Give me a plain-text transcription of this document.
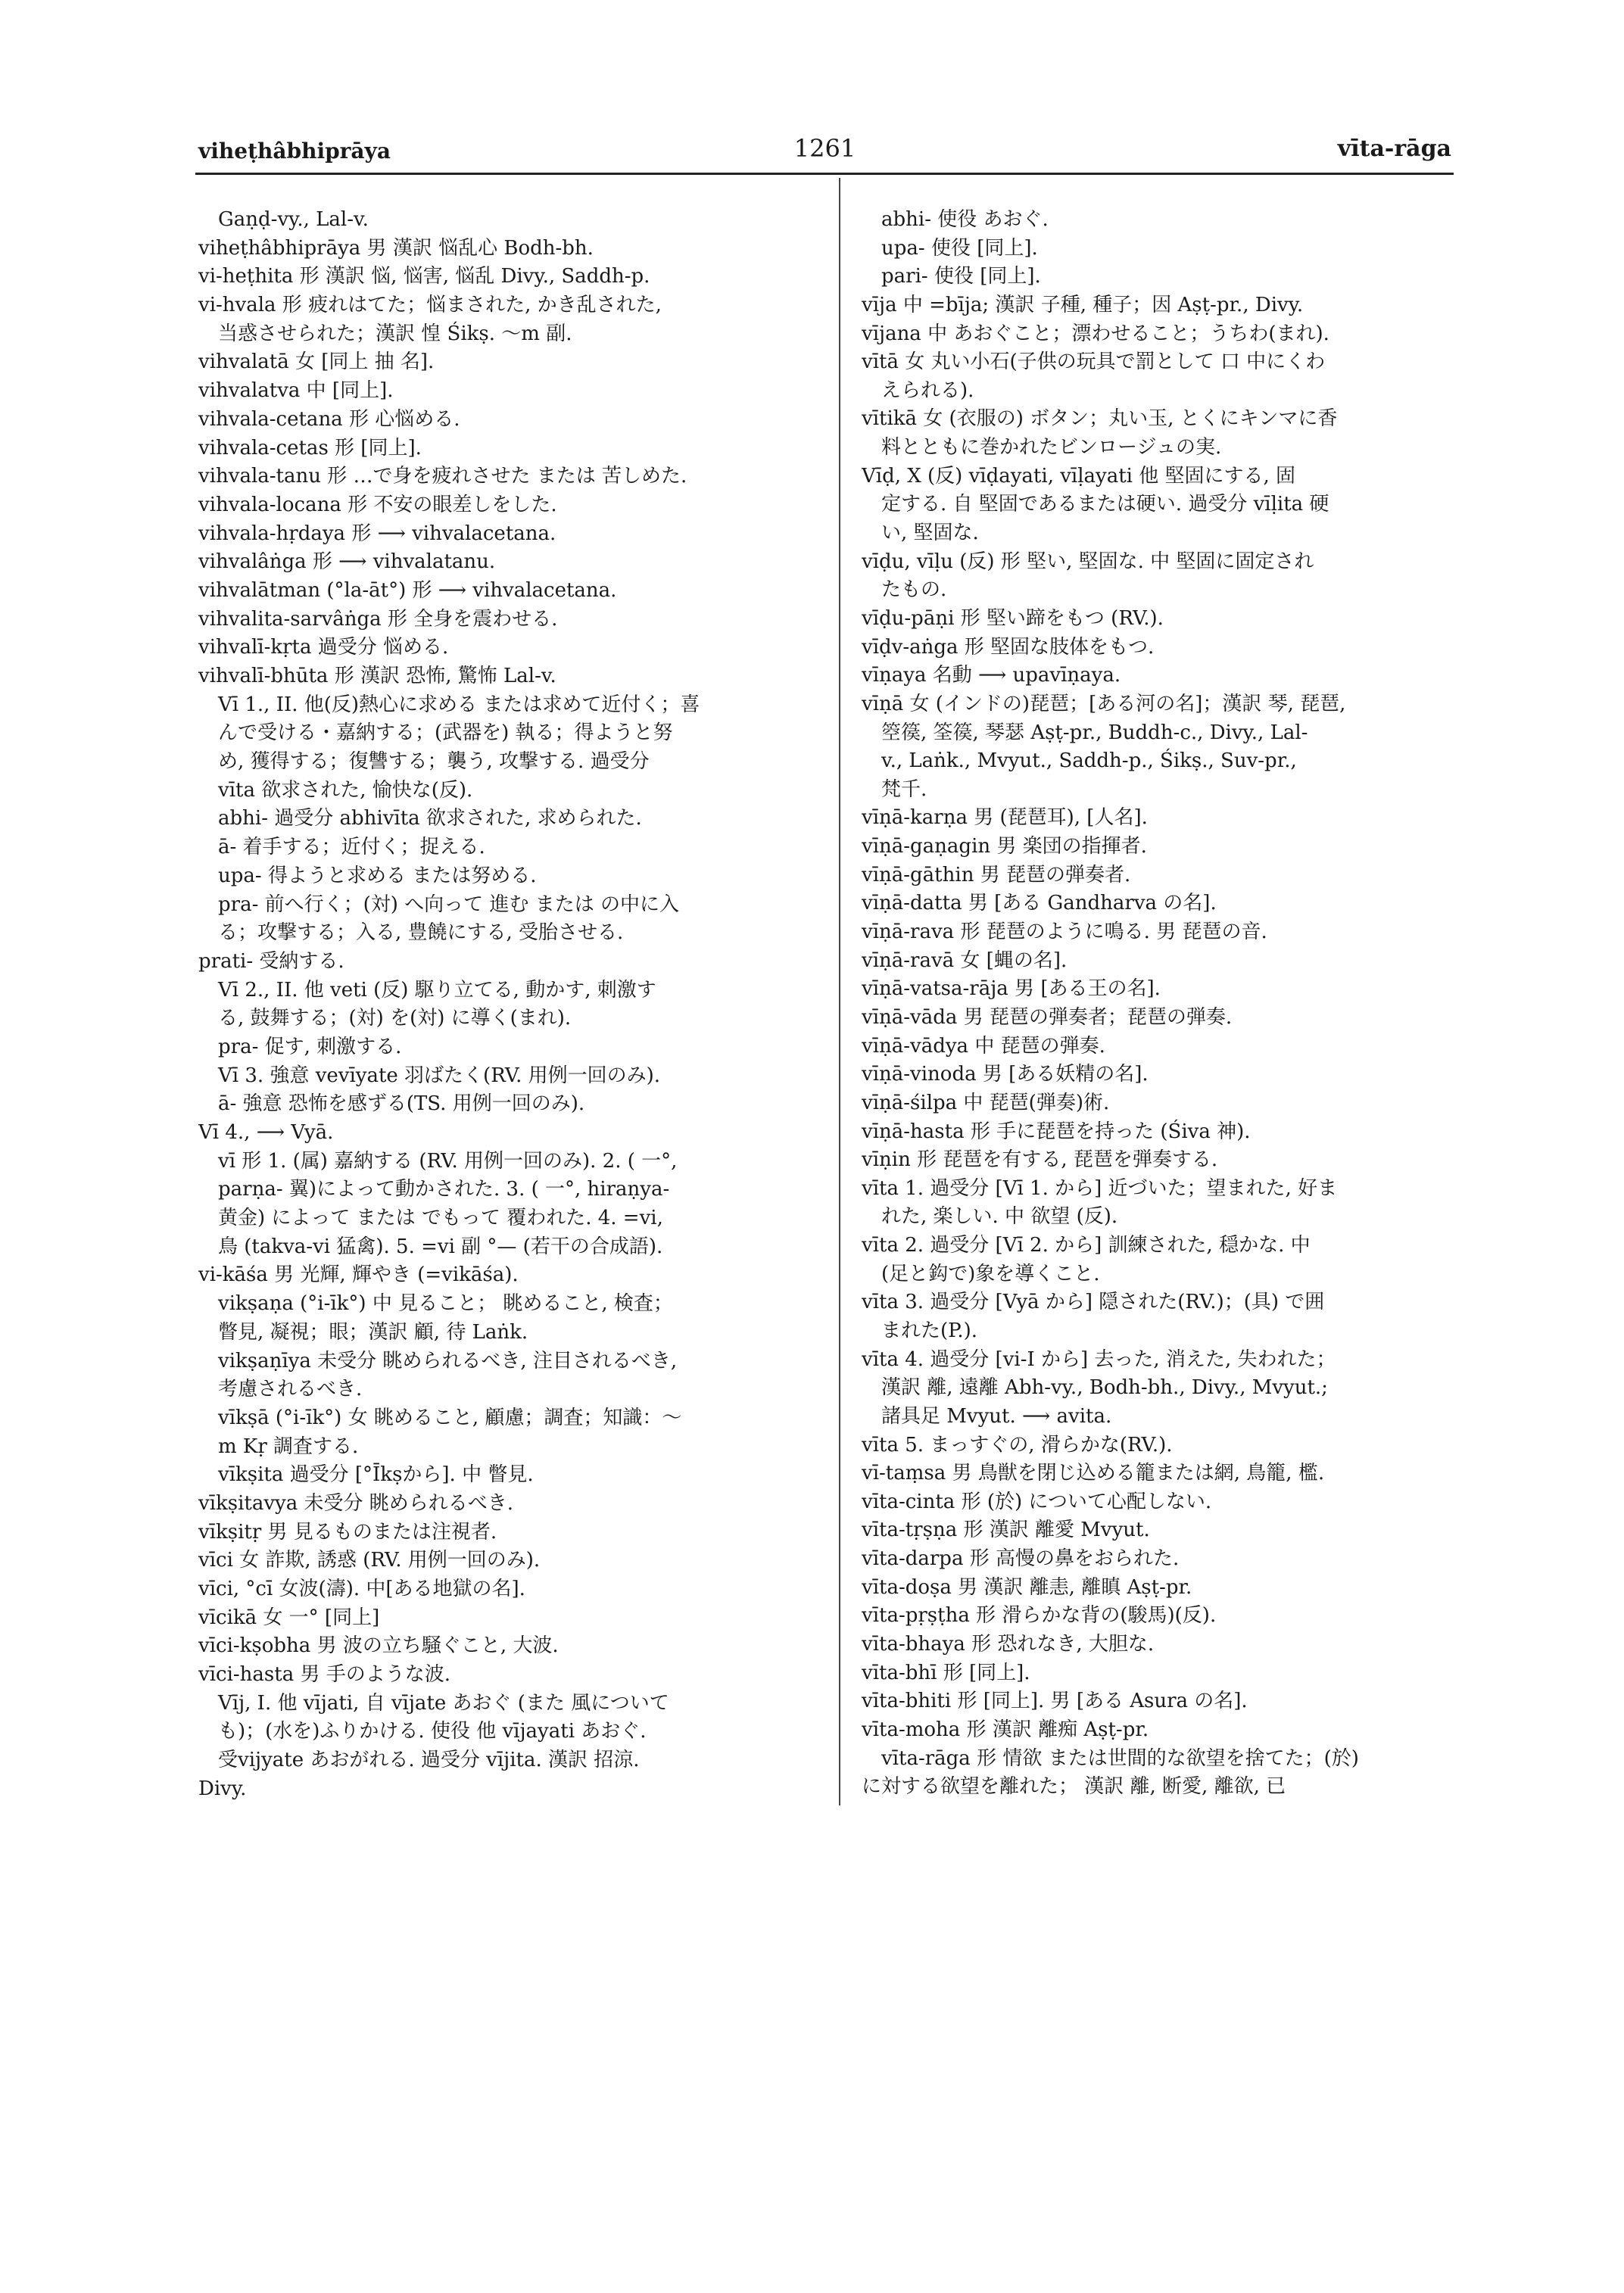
viheṭhâbhiprāya	1261	vīta-rāga
Gaṇḍ-vy., Lal-v.
viheṭhâbhiprāya 男 漢訳 悩乱心 Bodh-bh.
vi-heṭhita 形 漢訳 悩, 悩害, 悩乱 Divy., Saddh-p.
vi-hvala 形 疲れはてた；悩まされた, かき乱された,
当惑させられた；漢訳 惶 Śikṣ. ～m 副.
vihvalatā 女 [同上 抽 名].
vihvalatva 中 [同上].
vihvala-cetana 形 心悩める.
vihvala-cetas 形 [同上].
vihvala-tanu 形 …で身を疲れさせた または 苦しめた.
vihvala-locana 形 不安の眼差しをした.
vihvala-hṛdaya 形 ⟶ vihvalacetana.
vihvalâṅga 形 ⟶ vihvalatanu.
vihvalātman (°la-āt°) 形 ⟶ vihvalacetana.
vihvalita-sarvâṅga 形 全身を震わせる.
vihvalī-kṛta 過受分 悩める.
vihvalī-bhūta 形 漢訳 恐怖, 驚怖 Lal-v.
Vī 1., II. 他(反)熱心に求める または求めて近付く；喜
んで受ける・嘉納する；(武器を) 執る；得ようと努
め, 獲得する；復讐する；襲う, 攻撃する. 過受分
vīta 欲求された, 愉快な(反).
abhi- 過受分 abhivīta 欲求された, 求められた.
ā- 着手する；近付く；捉える.
upa- 得ようと求める または努める.
pra- 前へ行く；(対) へ向って 進む または の中に入
る；攻撃する；入る, 豊饒にする, 受胎させる.
prati- 受納する.
Vī 2., II. 他 veti (反) 駆り立てる, 動かす, 刺激す
る, 鼓舞する；(対) を(対) に導く(まれ).
pra- 促す, 刺激する.
Vī 3. 強意 vevīyate 羽ばたく(RV. 用例一回のみ).
ā- 強意 恐怖を感ずる(TS. 用例一回のみ).
Vī 4., ⟶ Vyā.
vī 形 1. (属) 嘉納する (RV. 用例一回のみ). 2. ( 一°,
parṇa- 翼)によって動かされた. 3. ( 一°, hiraṇya-
黄金) によって または でもって 覆われた. 4. =vi,
鳥 (takva-vi 猛禽). 5. =vi 副 °— (若干の合成語).
vi-kāśa 男 光輝, 輝やき (=vikāśa).
vikṣaṇa (°i-īk°) 中 見ること； 眺めること, 検査；
瞥見, 凝視；眼；漢訳 顧, 待 Laṅk.
vikṣaṇīya 未受分 眺められるべき, 注目されるべき,
考慮されるべき.
vīkṣā (°i-īk°) 女 眺めること, 顧慮；調査；知識：～
m Kṛ 調査する.
vīkṣita 過受分 [°Īkṣから]. 中 瞥見.
vīkṣitavya 未受分 眺められるべき.
vīkṣitṛ 男 見るものまたは注視者.
vīci 女 詐欺, 誘惑 (RV. 用例一回のみ).
vīci, °cī 女波(濤). 中[ある地獄の名].
vīcikā 女 一° [同上]
vīci-kṣobha 男 波の立ち騒ぐこと, 大波.
vīci-hasta 男 手のような波.
Vīj, I. 他 vījati, 自 vījate あおぐ (また 風について
も)；(水を)ふりかける. 使役 他 vījayati あおぐ.
受vijyate あおがれる. 過受分 vījita. 漢訳 招涼.
Divy.
abhi- 使役 あおぐ.
upa- 使役 [同上].
pari- 使役 [同上].
vīja 中 =bīja; 漢訳 子種, 種子；因 Aṣṭ-pr., Divy.
vījana 中 あおぐこと；漂わせること；うちわ(まれ).
vītā 女 丸い小石(子供の玩具で罰として 口 中にくわ
えられる).
vītikā 女 (衣服の) ボタン；丸い玉, とくにキンマに香
料とともに巻かれたビンロージュの実.
Vīḍ, X (反) vīḍayati, vīḷayati 他 堅固にする, 固
定する. 自 堅固であるまたは硬い. 過受分 vīḷita 硬
い, 堅固な.
vīḍu, vīḷu (反) 形 堅い, 堅固な. 中 堅固に固定され
たもの.
vīḍu-pāṇi 形 堅い蹄をもつ (RV.).
vīḍv-aṅga 形 堅固な肢体をもつ.
vīṇaya 名動 ⟶ upavīṇaya.
vīṇā 女 (インドの)琵琶；[ある河の名]；漢訳 琴, 琵琶,
箜篌, 筌篌, 琴瑟 Aṣṭ-pr., Buddh-c., Divy., Lal-
v., Laṅk., Mvyut., Saddh-p., Śikṣ., Suv-pr.,
梵千.
vīṇā-karṇa 男 (琵琶耳), [人名].
vīṇā-gaṇagin 男 楽団の指揮者.
vīṇā-gāthin 男 琵琶の弾奏者.
vīṇā-datta 男 [ある Gandharva の名].
vīṇā-rava 形 琵琶のように鳴る. 男 琵琶の音.
vīṇā-ravā 女 [蝿の名].
vīṇā-vatsa-rāja 男 [ある王の名].
vīṇā-vāda 男 琵琶の弾奏者；琵琶の弾奏.
vīṇā-vādya 中 琵琶の弾奏.
vīṇā-vinoda 男 [ある妖精の名].
vīṇā-śilpa 中 琵琶(弾奏)術.
vīṇā-hasta 形 手に琵琶を持った (Śiva 神).
vīṇin 形 琵琶を有する, 琵琶を弾奏する.
vīta 1. 過受分 [Vī 1. から] 近づいた；望まれた, 好ま
れた, 楽しい. 中 欲望 (反).
vīta 2. 過受分 [Vī 2. から] 訓練された, 穏かな. 中
(足と鈎で)象を導くこと.
vīta 3. 過受分 [Vyā から] 隠された(RV.)；(具) で囲
まれた(P.).
vīta 4. 過受分 [vi-I から] 去った, 消えた, 失われた；
漢訳 離, 遠離 Abh-vy., Bodh-bh., Divy., Mvyut.;
諸具足 Mvyut. ⟶ avita.
vīta 5. まっすぐの, 滑らかな(RV.).
vī-taṃsa 男 鳥獣を閉じ込める籠または網, 鳥籠, 檻.
vīta-cinta 形 (於) について心配しない.
vīta-tṛṣṇa 形 漢訳 離愛 Mvyut.
vīta-darpa 形 高慢の鼻をおられた.
vīta-doṣa 男 漢訳 離恚, 離瞋 Aṣṭ-pr.
vīta-pṛṣṭha 形 滑らかな背の(駿馬)(反).
vīta-bhaya 形 恐れなき, 大胆な.
vīta-bhī 形 [同上].
vīta-bhiti 形 [同上]. 男 [ある Asura の名].
vīta-moha 形 漢訳 離痴 Aṣṭ-pr.
vīta-rāga 形 情欲 または世間的な欲望を捨てた；(於)
に対する欲望を離れた； 漢訳 離, 断愛, 離欲, 已
